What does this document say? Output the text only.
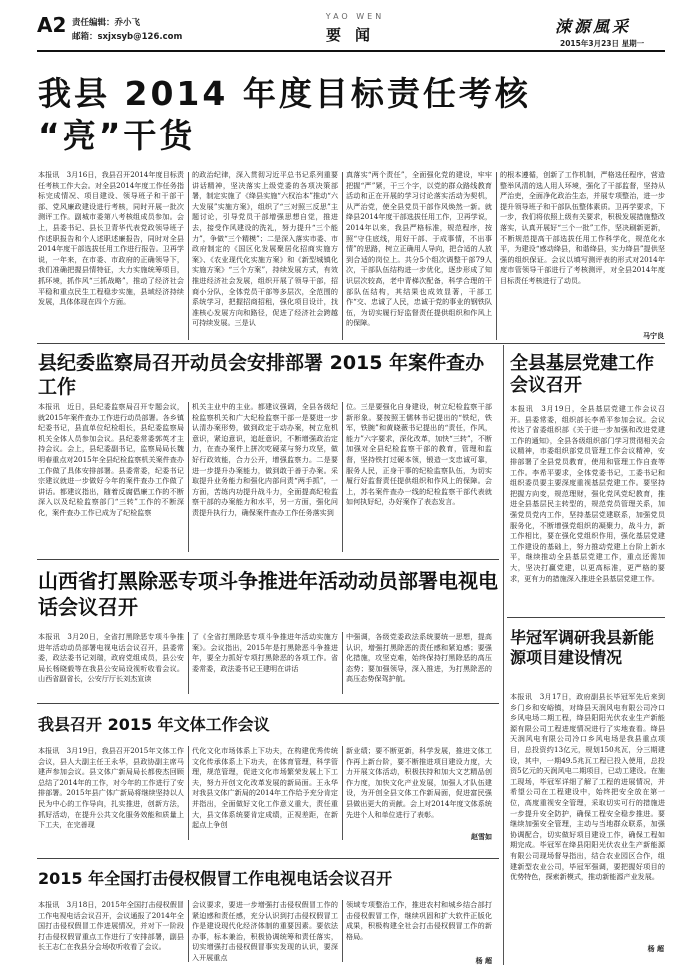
A2 责任编辑：乔小飞
邮箱：sxjxsyb@126.com
YAO WEN
要闻	涑源風采
2015年3月23日 星期一
我县 2014 年度目标责任考核
“亮”干货
本报讯　3月16日，我县召开2014年度目标责任考核工作大会。对全县2014年度工作任务指标完成情况、项目建设、领导班子和干部干部、党风廉政建设进行考核，同时开展一批次测评工作。副城市委第八考核组成员参加。会上，县委书记、县长卫青华代表党政领导班子作述职报告和个人述职述廉报告，同时对全县2014年度干部选拔任用工作进行报告。卫再学说，一年来，在市委、市政府的正确领导下，我们准确把握县情特征，大力实施统筹项目，抓环境，抓作风“三抓战略”，推动了经济社会平稳和重点民生工程稳步实施，县域经济持续发展，具体体现在四个方面。
的政治纪律，深入贯彻习近平总书记系列重要讲话精神，坚决落实上级党委的各项决策部署，制定实施了《绛县实施“六权治本”推动“六大发展”实施方案》，组织了“三对照三反思”主题讨论，引导党员干部增强思想自觉，推进去，接受作风建设的洗礼，努力提升“三个能力”，争做“三个精模”；二是深入落实市委、市政府制定的《国区化发展聚居化招商实施方案》、《农业现代化实施方案》和《新型城镇化实施方案》“三个方案”，持续发展方式，有效推进经济社会发展，组织开展了领导干部，招商小分队，全体党员干部等多层次，全范围的系统学习，把握招商招租，强化项目设计，找准核心发展方向和路径，促进了经济社会跨越可持续发展。三是认
真落实“两个责任”，全面强化党的建设，牢牢把握“严”紧，干三个字，以党的群众路线教育活动和正在开展的学习讨论落实活动为契机，从严治党，使全县党员干部作风焕然一新。就绛县2014年度干部选拔任用工作，卫再学说，2014年以来，我县严格标准，规范程序，按照“守住底线，用好干部、于成事情，不出事情”的思路，树立正确用人导向，把合适的人放到合适的岗位上。共分5个组次调整干部79人次，干部队伍结构进一步优化，逐步形成了知识层次较高，老中青梯次配备，科学合理的干部队伍结构，其结果也成效显著，干部工作“交、忠诚了人民，忠诚于党的事业的钢铁队伍，为切实履行好监督责任提供组织和作风上的保障。
的根本遵循，创新了工作机制，严格选任程序，营造整举风清的选人用人环境，强化了干部监督，坚持从严治吏，全面净化政治生态，并展专项整治，进一步提升领导班子和干部队伍整体素质。卫再学要求，下一步，我们将依照上级有关要求，积极发展措施整改落实，认真开展好“三个一批”工作，坚决刷新更新，不断规范提高干部选拔任用工作科学化，规范化水平，为建设“感动绛县，和谐绛县，实力绛县”提供坚强的组织保证。会议以填写测评表的形式对2014年度市管领导干部进行了考核测评，对全县2014年度目标责任考核进行了动员。
马宁良
县纪委监察局召开动员会安排部署 2015 年案件查办工作
本报讯　近日，县纪委监察局召开专题会议，就2015年案件查办工作进行动员部署。各乡镇纪委书记，县直单位纪检组长，县纪委监察局机关全体人员参加会议。县纪委常委郭英才主持会议。会上，县纪委副书记，监察局局长魏明春重点对2015年全县纪检监察机关案件查办工作做了具体安排部署。县委常委，纪委书记宗建议就进一步做好今年的案件查办工作做了讲话。都建议指出，随着反腐倡廉工作的不断深入以及纪检监察部门“三转”工作的不断深化，案件查办工作已成为了纪检监察
机关主业中的主业。都建议强调，全县各级纪检监察机关和广大纪检监察干部一是要进一步认清办案形势，做到政定于动办案，树立危机意识，紧迫意识，追赶意识，不断增强政治定力，在查办案件上拼次吃硬菜与努力攻坚，做好行政效能，合力公开，增强监察力。二是要进一步提升办案能力，做到敢于善于办案。采取提升业务能力和强化内部问责“两手抓”，一方面，苦练内功提升战斗力，全面提高纪检监察干部的办案能力和水平，另一方面，强化问责提升执行力，确保案件查办工作任务落实到
位。三是要强化自身建设，树立纪检监察干部新形象。要按照王儒林书记提出的“铁纪，铁军，铁腕”和黄晓薇书记提出的“责任，作风，能力”六字要求，深化改革，加快“三转”，不断加强对全县纪检监察干部的教育，管理和监督，坚持铁打过硬本领，锻造一支忠诚可靠，服务人民，正身干事的纪检监察队伍，为切实履行好监督责任提供组织和作风上的保障。会上，苏名案件查办一线的纪检监察干部代表就如何执好纪，办好案作了表态发言。
全县基层党建工作会议召开
本报讯　3月19日，全县基层党建工作会议召开。县委常委，组织部长李希平参加会议。会议传达了省委组织部《关于进一步加强和改进党建工作的通知》，全县各级组织部门学习贯彻相关会议精神，市委组织部党员管理工作会议精神，安排部署了全县党员教育，使用和管理工作自查等工作。李希平要求，全体党委书记，工委书记和组织委员要主要深度重视基层党建工作。要坚持把握方向变，规范理财，强化党风党纪教育，推进全县基层民主转型的，规范党员管理关系，加强党员党内工作，坚持基层党建联系，加强党员服务化，不断增强党组织的凝聚力，战斗力，新工作相比，要在强化党组织作用，强化基层党建工作建设的基础上，努力推动党建上台阶上新水平，继续推动全县基层党建工作，重点还需加大，坚决打赢党建，以更高标准，更严格的要求，更有力的措施深入推进全县基层党建工作。
毕冠军调研我县新能源项目建设情况
本报讯　3月17日，政府副县长毕冠军先后来到乡门乡和安峪镇，对绛县天润风电有限公司冷口乡风电场二期工程，绛县阳阳光伏农业生产新能源有限公司工程进度情况进行了实地查看。绛县天润风电有限公司冷口乡风电场是我县重点项目，总投资约13亿元，规划150兆瓦，分三期建设，其中，一期49.5兆瓦工程已投入使用，总投资5亿元的天润风电二期项目，已动工建设。在施工现场，毕冠军详细了解了工程的进展情况，并希望公司在工程建设中，始终把安全放在第一位，高度重视安全管理，采取切实可行的措施进一步提升安全防护，确保工程安全稳步推进。要继续加强安全管理，主动与当地群众联系，加强协调配合，切实做好项目建设工作，确保工程如期完成。毕冠军在绛县阳阳光伏农业生产新能源有限公司现场督导指出，结合农业园区合作，组建新型农业公司，毕冠军强调，要把握好项目的优势特色，探索新模式，推动新能源产业发展。
杨 超
山西省打黑除恶专项斗争推进年活动动员部署电视电话会议召开
本报讯　3月20日，全省打黑除恶专项斗争推进年活动动员部署电视电话会议召开，县委常委，政法委书记刘瑞，政府党组成员，县公安局长杨晓毅等在我县公安局设视听收看会议。山西省副省长，公安厅厅长刘杰宣读
了《全省打黑除恶专项斗争推进年活动实施方案》。会议指出，2015年是打黑除恶斗争推进年，要全力抓好专项打黑除恶的各项工作。省委常委，政法委书记王建明在讲话
中强调，各级党委政法系统要统一思想，提高认识，增强打黑除恶的责任感和紧迫感；要强化措施，攻坚克难，始终保持打黑除恶的高压态势；要加强领导，深入推进，为打黑除恶的高压态势保驾护航。
我县召开 2015 年文体工作会议
本报讯　3月19日，我县召开2015年文体工作会议，县人大副主任王永华，县政协副主席马建声参加会议。县文体广新局局长都俊杰回顾总结了2014年的工作，对今年的工作进行了安排部署。2015年县广体广新局将继续坚持以人民为中心的工作导向，扎实推进，创新方法，抓好活动，在提升公共文化服务效能和质量上下工夫，在完善现
代化文化市场体系上下功夫，在构建优秀传统文化传承体系上下功夫，在体育管理，科学管理，规范管理，促进文化市场繁荣发展上下工夫，努力开创文化改革发展的新局面。王永华对我县文体广新局的2014年工作给予充分肯定并指出，全面做好文化工作意义重大，责任重大，县文体系统要肯定成绩，正视差距，在新起点上争创
新业绩；要不断更新，科学发展，推进文体工作再上新台阶，要不断推进项目建设力度，大力开展文体活动，积极扶持和加大文艺精品创作力度，加快文化产业发展，加强人才队伍建设，为开创全县文体工作新局面，促进富民强县做出更大的贡献。会上对2014年度文体系统先进个人和单位进行了表彰。
赵雪如
2015 年全国打击侵权假冒工作电视电话会议召开
本报讯　3月18日，2015年全国打击侵权假冒工作电视电话会议召开，会议通报了2014年全国打击侵权假冒工作进展情况，并对下一阶段打击侵权假冒重点工作进行了安排部署，副县长王志仁在我县分会场收听收看了会议。
会议要求，要进一步增强打击侵权假冒工作的紧迫感和责任感，充分认识到打击侵权假冒工作是建设现代化经济体制的重要因素。要依法办事，标本兼治，积极协调统筹和责任落实，切实增强打击侵权假冒事实发现的认识，要深入开展重点
领域专项整治工作，推进农村和城乡结合部打击侵权假冒工作，继续巩固和扩大软件正版化成果，积极构建全社会打击侵权假冒工作的新格局。
杨 超
